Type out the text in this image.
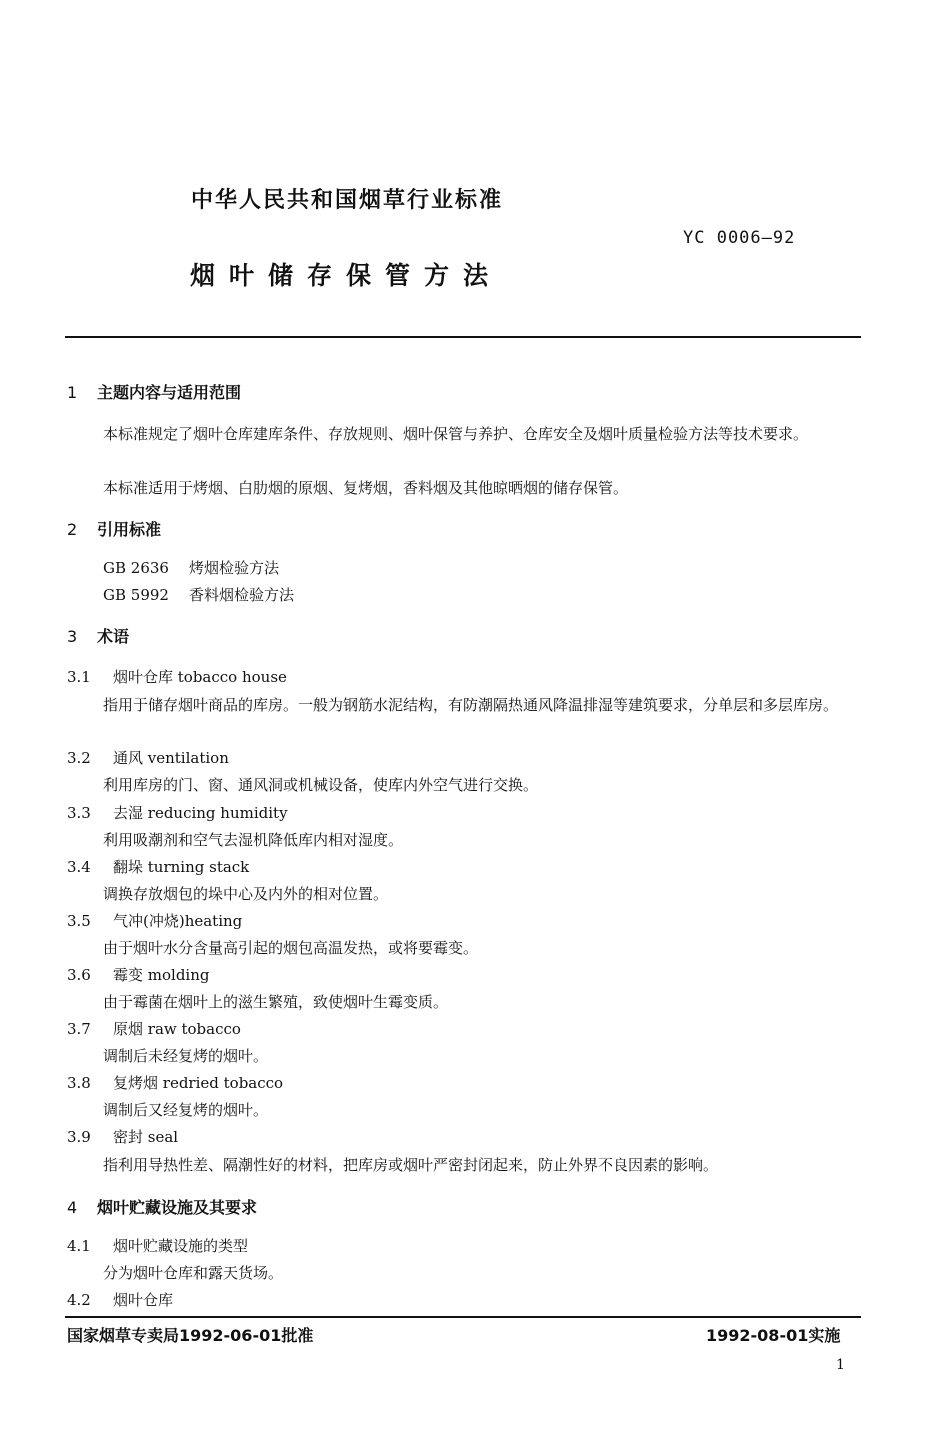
中华人民共和国烟草行业标准
YC 0006—92
烟叶储存保管方法
1 主题内容与适用范围
本标准规定了烟叶仓库建库条件、存放规则、烟叶保管与养护、仓库安全及烟叶质量检验方法等技术要求。
本标准适用于烤烟、白肋烟的原烟、复烤烟，香料烟及其他晾晒烟的储存保管。
2 引用标准
GB 2636 烤烟检验方法
GB 5992 香料烟检验方法
3 术语
3.1 烟叶仓库 tobacco house
指用于储存烟叶商品的库房。一般为钢筋水泥结构，有防潮隔热通风降温排湿等建筑要求，分单层和多层库房。
3.2 通风 ventilation
利用库房的门、窗、通风洞或机械设备，使库内外空气进行交换。
3.3 去湿 reducing humidity
利用吸潮剂和空气去湿机降低库内相对湿度。
3.4 翻垛 turning stack
调换存放烟包的垛中心及内外的相对位置。
3.5 气冲(冲烧)heating
由于烟叶水分含量高引起的烟包高温发热，或将要霉变。
3.6 霉变 molding
由于霉菌在烟叶上的滋生繁殖，致使烟叶生霉变质。
3.7 原烟 raw tobacco
调制后未经复烤的烟叶。
3.8 复烤烟 redried tobacco
调制后又经复烤的烟叶。
3.9 密封 seal
指利用导热性差、隔潮性好的材料，把库房或烟叶严密封闭起来，防止外界不良因素的影响。
4 烟叶贮藏设施及其要求
4.1 烟叶贮藏设施的类型
分为烟叶仓库和露天货场。
4.2 烟叶仓库
国家烟草专卖局1992-06-01批准	1992-08-01实施
1
